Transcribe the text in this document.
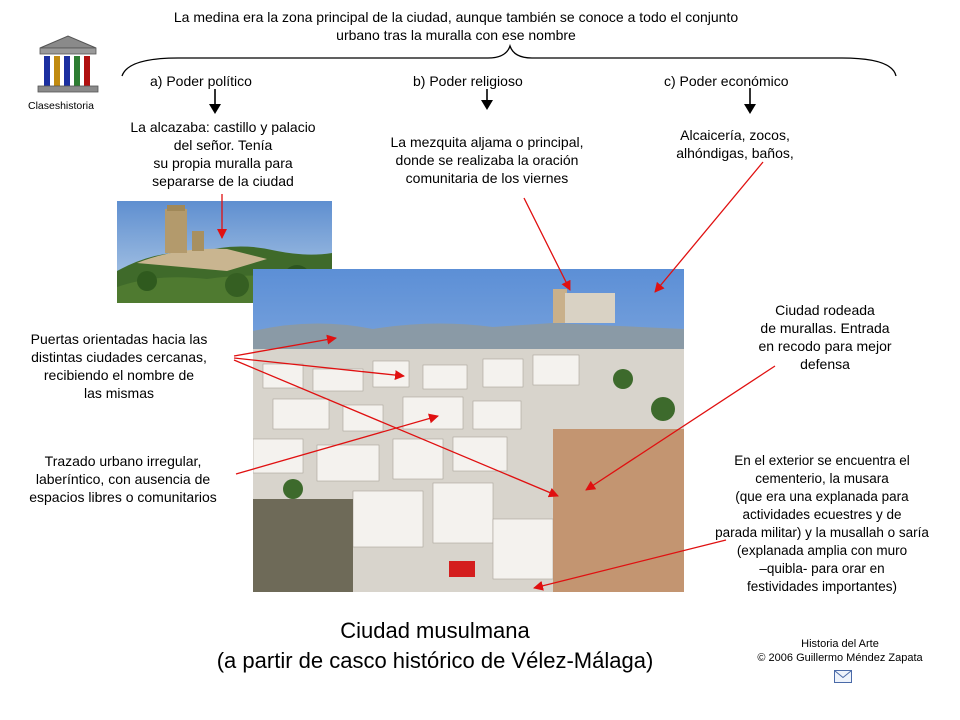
La medina era la zona principal de la ciudad, aunque también se conoce a todo el conjunto
urbano tras la muralla con ese nombre
Claseshistoria
a) Poder político	b) Poder religioso	c) Poder económico
La alcazaba: castillo y palacio
del señor. Tenía
su propia muralla para
separarse de la ciudad
La mezquita aljama o principal,
donde se realizaba la oración
comunitaria de los viernes
Alcaicería, zocos,
alhóndigas, baños,
Puertas orientadas hacia las
distintas ciudades cercanas,
recibiendo el nombre de
las mismas
Trazado urbano irregular,
laberíntico, con ausencia de
espacios libres o comunitarios
Ciudad rodeada
de murallas. Entrada
en recodo para mejor
defensa
En el exterior se encuentra el
cementerio, la musara
(que era una explanada para
actividades ecuestres y de
parada militar) y la musallah o saría
(explanada amplia con muro
–quibla- para orar en
festividades importantes)
Ciudad musulmana
(a partir de casco histórico de Vélez-Málaga)
Historia del Arte
© 2006 Guillermo Méndez Zapata
